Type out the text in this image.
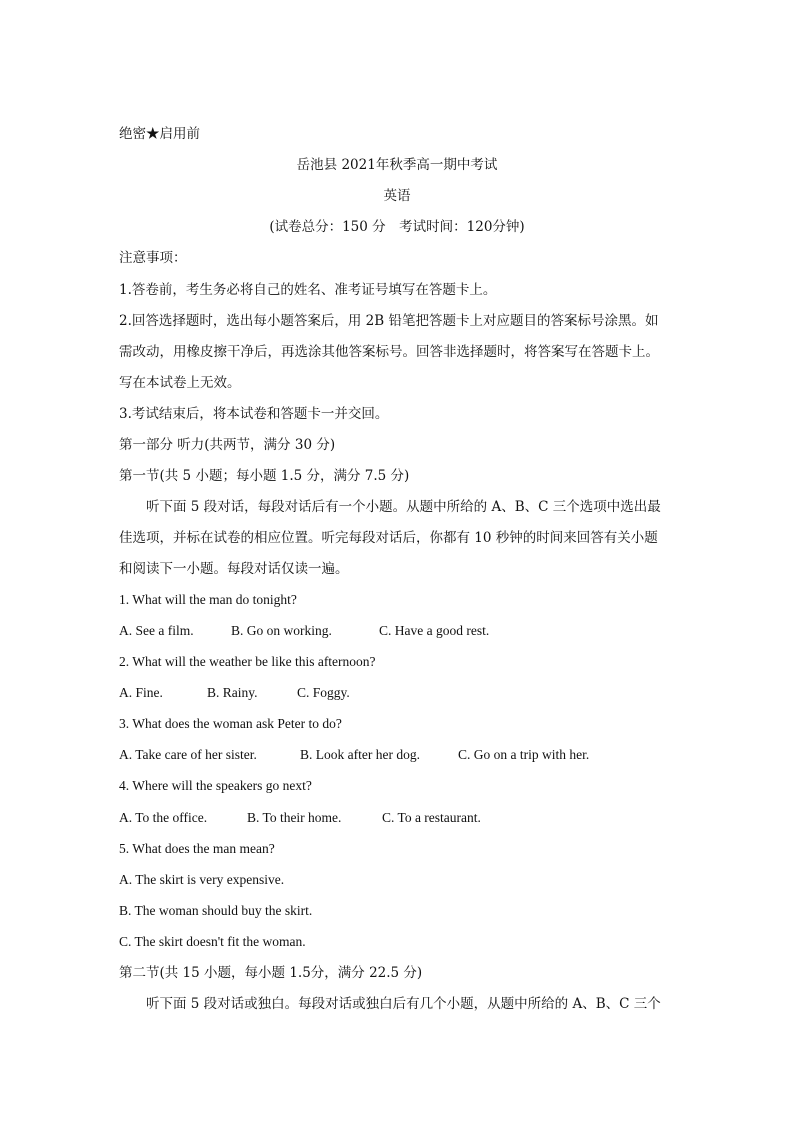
绝密★启用前
岳池县 2021年秋季高一期中考试
英语
(试卷总分：150 分　考试时间：120分钟)
注意事项：
1.答卷前，考生务必将自己的姓名、准考证号填写在答题卡上。
2.回答选择题时，选出每小题答案后，用 2B 铅笔把答题卡上对应题目的答案标号涂黑。如
需改动，用橡皮擦干净后，再选涂其他答案标号。回答非选择题时，将答案写在答题卡上。
写在本试卷上无效。
3.考试结束后，将本试卷和答题卡一并交回。
第一部分 听力(共两节，满分 30 分)
第一节(共 5 小题；每小题 1.5 分，满分 7.5 分)
听下面 5 段对话，每段对话后有一个小题。从题中所给的 A、B、C 三个选项中选出最
佳选项，并标在试卷的相应位置。听完每段对话后，你都有 10 秒钟的时间来回答有关小题
和阅读下一小题。每段对话仅读一遍。
1. What will the man do tonight?
A. See a film.	B. Go on working.	C. Have a good rest.
2. What will the weather be like this afternoon?
A. Fine.	B. Rainy.	C. Foggy.
3. What does the woman ask Peter to do?
A. Take care of her sister.	B. Look after her dog.	C. Go on a trip with her.
4. Where will the speakers go next?
A. To the office.	B. To their home.	C. To a restaurant.
5. What does the man mean?
A. The skirt is very expensive.
B. The woman should buy the skirt.
C. The skirt doesn't fit the woman.
第二节(共 15 小题，每小题 1.5分，满分 22.5 分)
听下面 5 段对话或独白。每段对话或独白后有几个小题，从题中所给的 A、B、C 三个
